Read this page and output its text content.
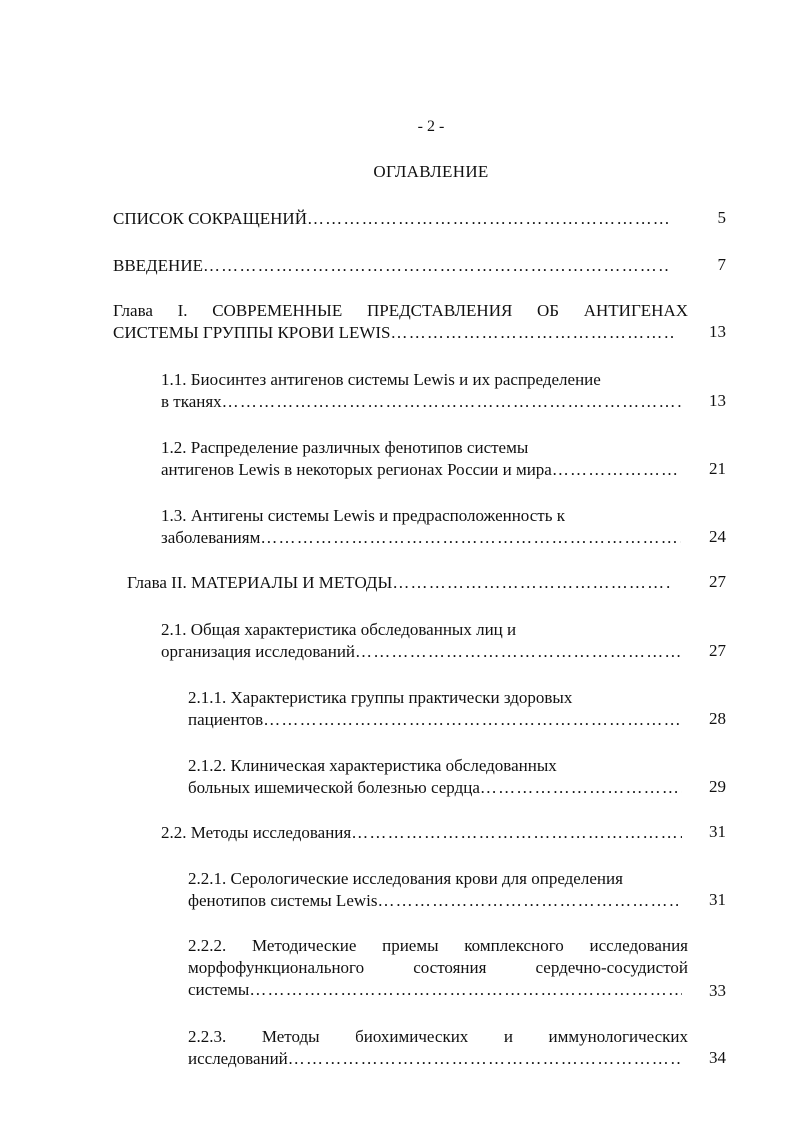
- 2 -
ОГЛАВЛЕНИЕ
СПИСОК СОКРАЩЕНИЙ ……………………………………………………………………………………………………………………………………………………	5
ВВЕДЕНИЕ ……………………………………………………………………………………………………………………………………………………	7
Глава I. СОВРЕМЕННЫЕ ПРЕДСТАВЛЕНИЯ ОБ АНТИГЕНАХ
СИСТЕМЫ ГРУППЫ КРОВИ LEWIS ……………………………………………………………………………………………………………………………………………………	13
1.1. Биосинтез антигенов системы Lewis и их распределение
в тканях ……………………………………………………………………………………………………………………………………………………	13
1.2. Распределение различных фенотипов системы
антигенов Lewis в некоторых регионах России и мира ……………………………………………………………………………………………………………………………………………………	21
1.3. Антигены системы Lewis и предрасположенность к
заболеваниям ……………………………………………………………………………………………………………………………………………………	24
Глава II. МАТЕРИАЛЫ И МЕТОДЫ ……………………………………………………………………………………………………………………………………………………	27
2.1. Общая характеристика обследованных лиц и
организация исследований ……………………………………………………………………………………………………………………………………………………	27
2.1.1. Характеристика группы практически здоровых
пациентов ……………………………………………………………………………………………………………………………………………………	28
2.1.2. Клиническая характеристика обследованных
больных ишемической болезнью сердца ……………………………………………………………………………………………………………………………………………………	29
2.2. Методы исследования ……………………………………………………………………………………………………………………………………………………	31
2.2.1. Серологические исследования крови для определения
фенотипов системы Lewis ……………………………………………………………………………………………………………………………………………………	31
2.2.2. Методические приемы комплексного исследования
морфофункционального состояния сердечно-сосудистой
системы ……………………………………………………………………………………………………………………………………………………	33
2.2.3. Методы биохимических и иммунологических
исследований ……………………………………………………………………………………………………………………………………………………	34
